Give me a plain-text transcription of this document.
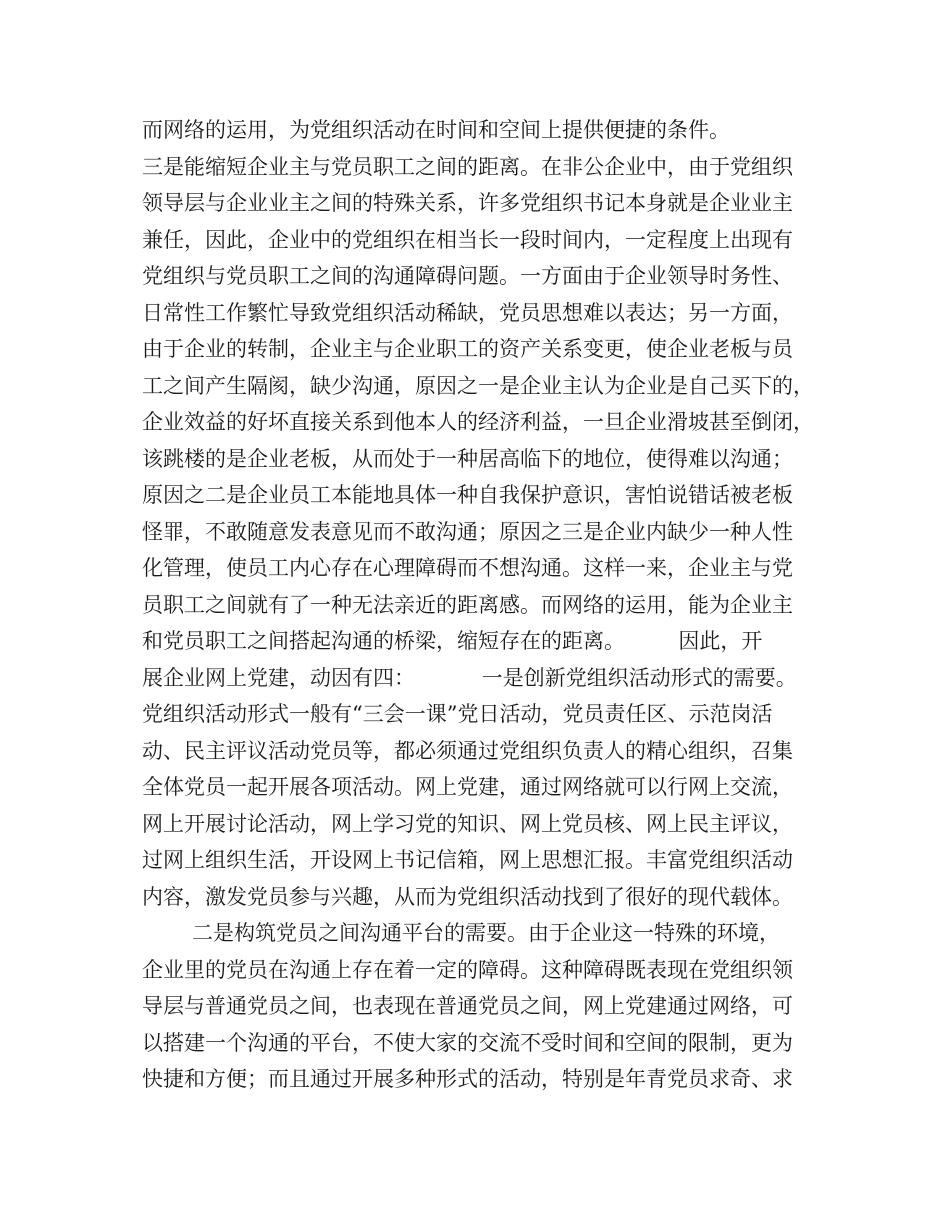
而网络的运用，为党组织活动在时间和空间上提供便捷的条件。

三是能缩短企业主与党员职工之间的距离。在非公企业中，由于党组织

领导层与企业业主之间的特殊关系，许多党组织书记本身就是企业业主

兼任，因此，企业中的党组织在相当长一段时间内，一定程度上出现有

党组织与党员职工之间的沟通障碍问题。一方面由于企业领导时务性、

日常性工作繁忙导致党组织活动稀缺，党员思想难以表达；另一方面，

由于企业的转制，企业主与企业职工的资产关系变更，使企业老板与员

工之间产生隔阂，缺少沟通，原因之一是企业主认为企业是自己买下的，

企业效益的好坏直接关系到他本人的经济利益，一旦企业滑坡甚至倒闭，

该跳楼的是企业老板，从而处于一种居高临下的地位，使得难以沟通；

原因之二是企业员工本能地具体一种自我保护意识，害怕说错话被老板

怪罪，不敢随意发表意见而不敢沟通；原因之三是企业内缺少一种人性

化管理，使员工内心存在心理障碍而不想沟通。这样一来，企业主与党

员职工之间就有了一种无法亲近的距离感。而网络的运用，能为企业主

和党员职工之间搭起沟通的桥梁，缩短存在的距离。        因此，开

展企业网上党建，动因有四：          一是创新党组织活动形式的需要。

党组织活动形式一般有“三会一课”党日活动，党员责任区、示范岗活

动、民主评议活动党员等，都必须通过党组织负责人的精心组织，召集

全体党员一起开展各项活动。网上党建，通过网络就可以行网上交流，

网上开展讨论活动，网上学习党的知识、网上党员核、网上民主评议，

过网上组织生活，开设网上书记信箱，网上思想汇报。丰富党组织活动

内容，激发党员参与兴趣，从而为党组织活动找到了很好的现代载体。

二是构筑党员之间沟通平台的需要。由于企业这一特殊的环境，

企业里的党员在沟通上存在着一定的障碍。这种障碍既表现在党组织领

导层与普通党员之间，也表现在普通党员之间，网上党建通过网络，可

以搭建一个沟通的平台，不使大家的交流不受时间和空间的限制，更为

快捷和方便；而且通过开展多种形式的活动，特别是年青党员求奇、求
